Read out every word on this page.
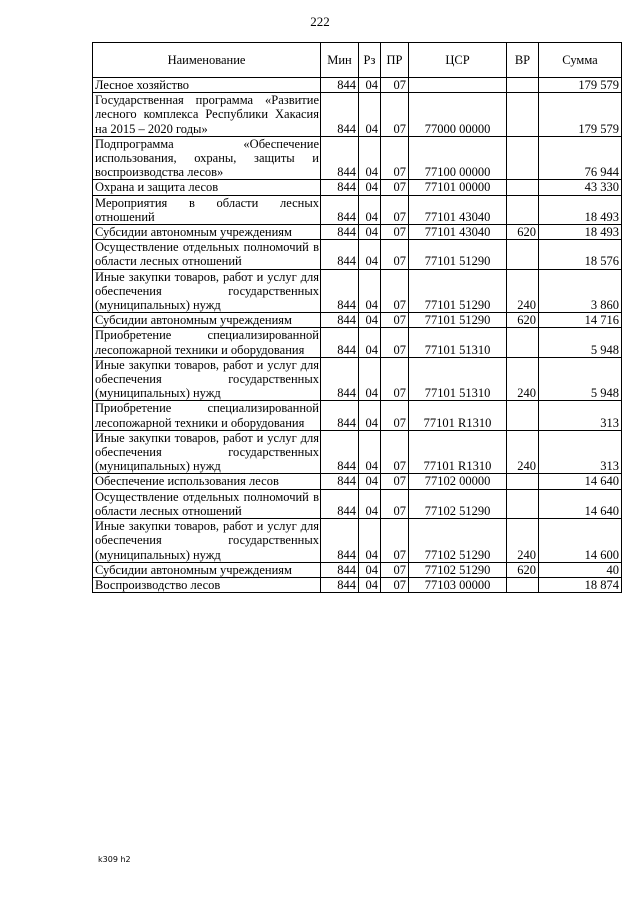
222
Наименование	Мин	Рз	ПР	ЦСР	ВР	Сумма
Лесное хозяйство	844	04	07			179 579
Государственная программа «Развитие лесного комплекса Республики Хакасия на 2015 – 2020 годы»	844	04	07	77000 00000		179 579
Подпрограмма «Обеспечение использования, охраны, защиты и воспроизводства лесов»	844	04	07	77100 00000		76 944
Охрана и защита лесов	844	04	07	77101 00000		43 330
Мероприятия в области лесных отношений	844	04	07	77101 43040		18 493
Субсидии автономным учреждениям	844	04	07	77101 43040	620	18 493
Осуществление отдельных полномочий в области лесных отношений	844	04	07	77101 51290		18 576
Иные закупки товаров, работ и услуг для обеспечения государственных (муниципальных) нужд	844	04	07	77101 51290	240	3 860
Субсидии автономным учреждениям	844	04	07	77101 51290	620	14 716
Приобретение специализированной лесопожарной техники и оборудования	844	04	07	77101 51310		5 948
Иные закупки товаров, работ и услуг для обеспечения государственных (муниципальных) нужд	844	04	07	77101 51310	240	5 948
Приобретение специализированной лесопожарной техники и оборудования	844	04	07	77101 R1310		313
Иные закупки товаров, работ и услуг для обеспечения государственных (муниципальных) нужд	844	04	07	77101 R1310	240	313
Обеспечение использования лесов	844	04	07	77102 00000		14 640
Осуществление отдельных полномочий в области лесных отношений	844	04	07	77102 51290		14 640
Иные закупки товаров, работ и услуг для обеспечения государственных (муниципальных) нужд	844	04	07	77102 51290	240	14 600
Субсидии автономным учреждениям	844	04	07	77102 51290	620	40
Воспроизводство лесов	844	04	07	77103 00000		18 874
k309 h2
